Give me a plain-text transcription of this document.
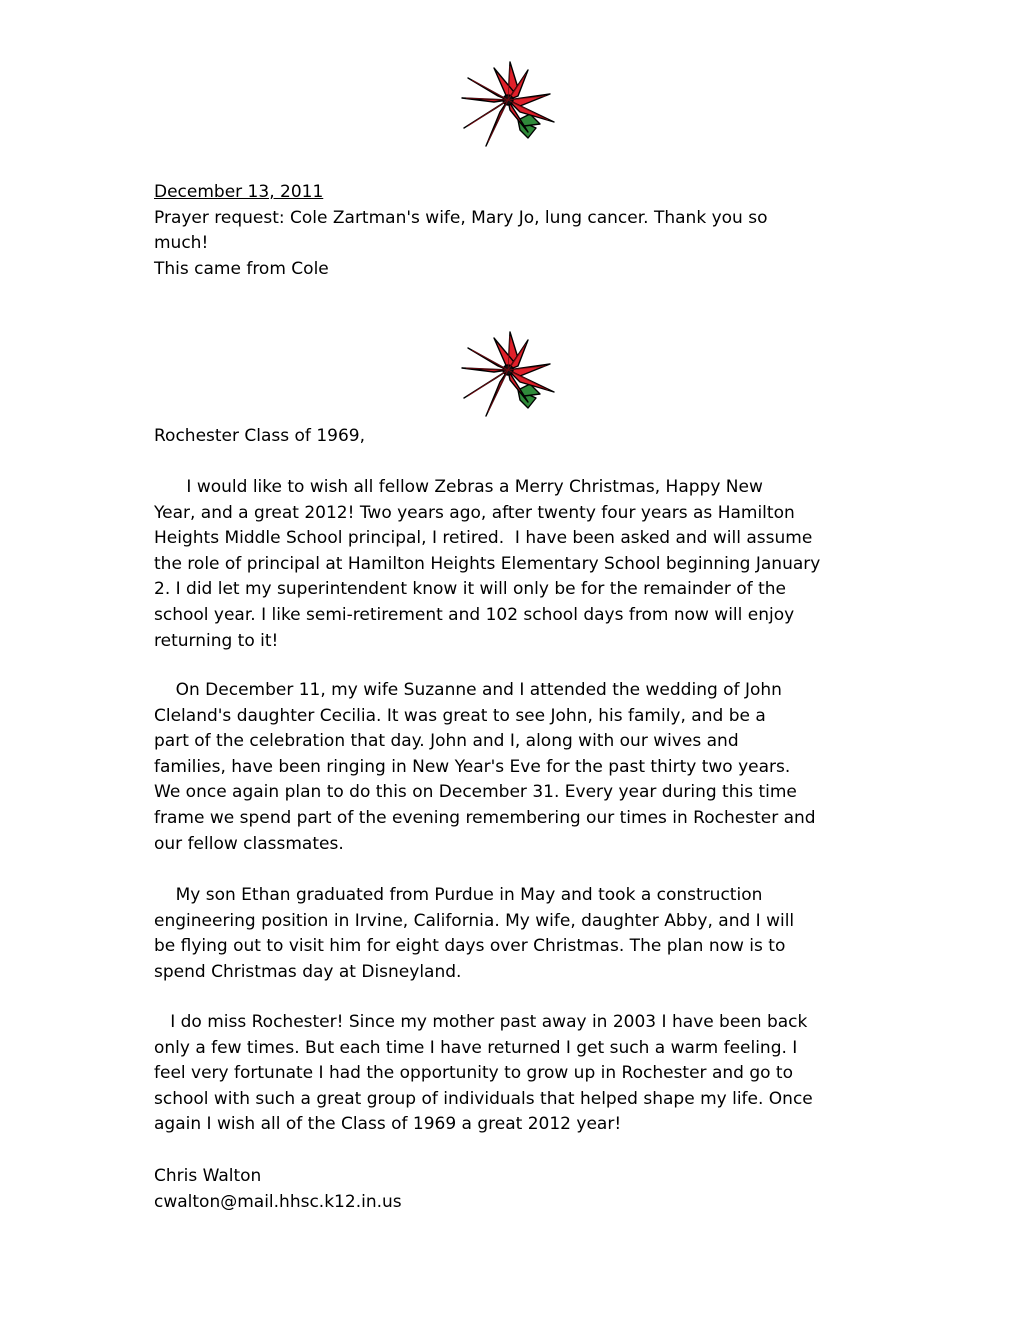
December 13, 2011
Prayer request: Cole Zartman's wife, Mary Jo, lung cancer. Thank you so
much!
This came from Cole
Rochester Class of 1969,
I would like to wish all fellow Zebras a Merry Christmas, Happy New
Year, and a great 2012! Two years ago, after twenty four years as Hamilton
Heights Middle School principal, I retired.  I have been asked and will assume
the role of principal at Hamilton Heights Elementary School beginning January
2. I did let my superintendent know it will only be for the remainder of the
school year. I like semi-retirement and 102 school days from now will enjoy
returning to it!
On December 11, my wife Suzanne and I attended the wedding of John
Cleland's daughter Cecilia. It was great to see John, his family, and be a
part of the celebration that day. John and I, along with our wives and
families, have been ringing in New Year's Eve for the past thirty two years.
We once again plan to do this on December 31. Every year during this time
frame we spend part of the evening remembering our times in Rochester and
our fellow classmates.
My son Ethan graduated from Purdue in May and took a construction
engineering position in Irvine, California. My wife, daughter Abby, and I will
be flying out to visit him for eight days over Christmas. The plan now is to
spend Christmas day at Disneyland.
I do miss Rochester! Since my mother past away in 2003 I have been back
only a few times. But each time I have returned I get such a warm feeling. I
feel very fortunate I had the opportunity to grow up in Rochester and go to
school with such a great group of individuals that helped shape my life. Once
again I wish all of the Class of 1969 a great 2012 year!
Chris Walton
cwalton@mail.hhsc.k12.in.us
